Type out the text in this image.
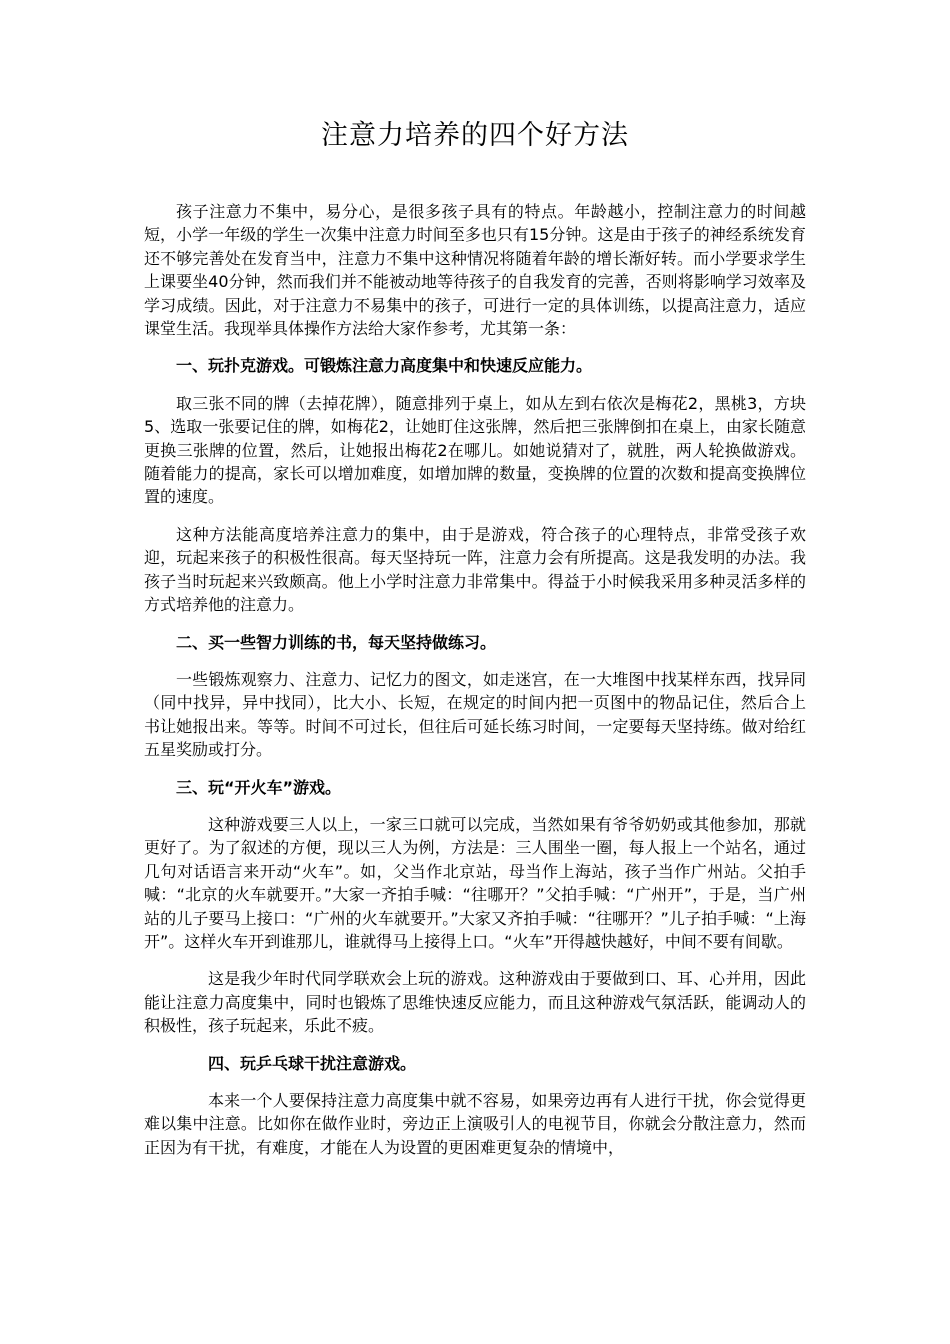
注意力培养的四个好方法

孩子注意力不集中，易分心，是很多孩子具有的特点。年龄越小，控制注意力的时间越短，小学一年级的学生一次集中注意力时间至多也只有15分钟。这是由于孩子的神经系统发育还不够完善处在发育当中，注意力不集中这种情况将随着年龄的增长渐好转。而小学要求学生上课要坐40分钟，然而我们并不能被动地等待孩子的自我发育的完善，否则将影响学习效率及学习成绩。因此，对于注意力不易集中的孩子，可进行一定的具体训练，以提高注意力，适应课堂生活。我现举具体操作方法给大家作参考，尤其第一条：

一、玩扑克游戏。可锻炼注意力高度集中和快速反应能力。

取三张不同的牌（去掉花牌），随意排列于桌上，如从左到右依次是梅花2，黑桃3，方块5、选取一张要记住的牌，如梅花2，让她盯住这张牌，然后把三张牌倒扣在桌上，由家长随意更换三张牌的位置，然后，让她报出梅花2在哪儿。如她说猜对了，就胜，两人轮换做游戏。随着能力的提高，家长可以增加难度，如增加牌的数量，变换牌的位置的次数和提高变换牌位置的速度。

这种方法能高度培养注意力的集中，由于是游戏，符合孩子的心理特点，非常受孩子欢迎，玩起来孩子的积极性很高。每天坚持玩一阵，注意力会有所提高。这是我发明的办法。我孩子当时玩起来兴致颇高。他上小学时注意力非常集中。得益于小时候我采用多种灵活多样的方式培养他的注意力。

二、买一些智力训练的书，每天坚持做练习。

一些锻炼观察力、注意力、记忆力的图文，如走迷宫，在一大堆图中找某样东西，找异同（同中找异，异中找同），比大小、长短，在规定的时间内把一页图中的物品记住，然后合上书让她报出来。等等。时间不可过长，但往后可延长练习时间，一定要每天坚持练。做对给红五星奖励或打分。

三、玩“开火车”游戏。

这种游戏要三人以上，一家三口就可以完成，当然如果有爷爷奶奶或其他参加，那就更好了。为了叙述的方便，现以三人为例，方法是：三人围坐一圈，每人报上一个站名，通过几句对话语言来开动“火车”。如，父当作北京站，母当作上海站，孩子当作广州站。父拍手喊：“北京的火车就要开。”大家一齐拍手喊：“往哪开？”父拍手喊：“广州开”，于是，当广州站的儿子要马上接口：“广州的火车就要开。”大家又齐拍手喊：“往哪开？”儿子拍手喊：“上海开”。这样火车开到谁那儿，谁就得马上接得上口。“火车”开得越快越好，中间不要有间歇。

这是我少年时代同学联欢会上玩的游戏。这种游戏由于要做到口、耳、心并用，因此能让注意力高度集中，同时也锻炼了思维快速反应能力，而且这种游戏气氛活跃，能调动人的积极性，孩子玩起来，乐此不疲。

四、玩乒乓球干扰注意游戏。

本来一个人要保持注意力高度集中就不容易，如果旁边再有人进行干扰，你会觉得更难以集中注意。比如你在做作业时，旁边正上演吸引人的电视节目，你就会分散注意力，然而正因为有干扰，有难度，才能在人为设置的更困难更复杂的情境中，
